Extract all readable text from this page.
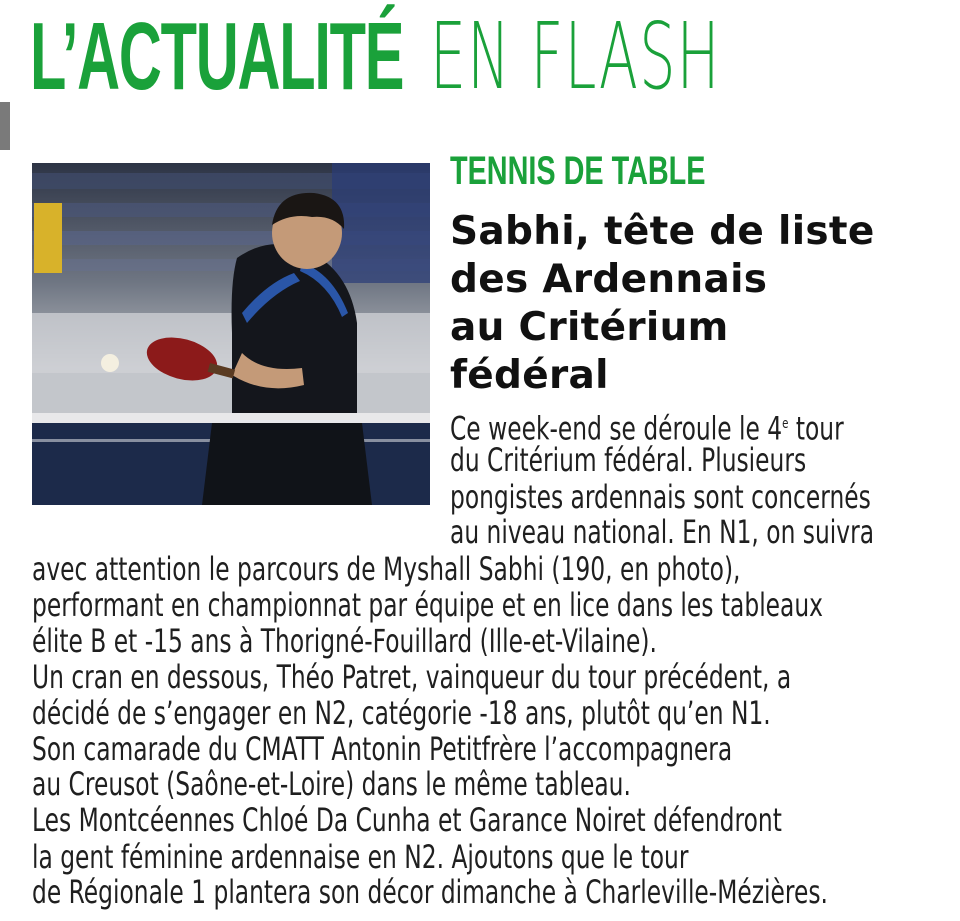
L’ACTUALITÉ EN FLASH
TENNIS DE TABLE
Sabhi, tête de liste
des Ardennais
au Critérium
fédéral
Ce week-end se déroule le 4e tour
du Critérium fédéral. Plusieurs
pongistes ardennais sont concernés
au niveau national. En N1, on suivra
avec attention le parcours de Myshall Sabhi (190, en photo),
performant en championnat par équipe et en lice dans les tableaux
élite B et -15 ans à Thorigné-Fouillard (Ille-et-Vilaine).
Un cran en dessous, Théo Patret, vainqueur du tour précédent, a
décidé de s’engager en N2, catégorie -18 ans, plutôt qu’en N1.
Son camarade du CMATT Antonin Petitfrère l’accompagnera
au Creusot (Saône-et-Loire) dans le même tableau.
Les Montcéennes Chloé Da Cunha et Garance Noiret défendront
la gent féminine ardennaise en N2. Ajoutons que le tour
de Régionale 1 plantera son décor dimanche à Charleville-Mézières.
